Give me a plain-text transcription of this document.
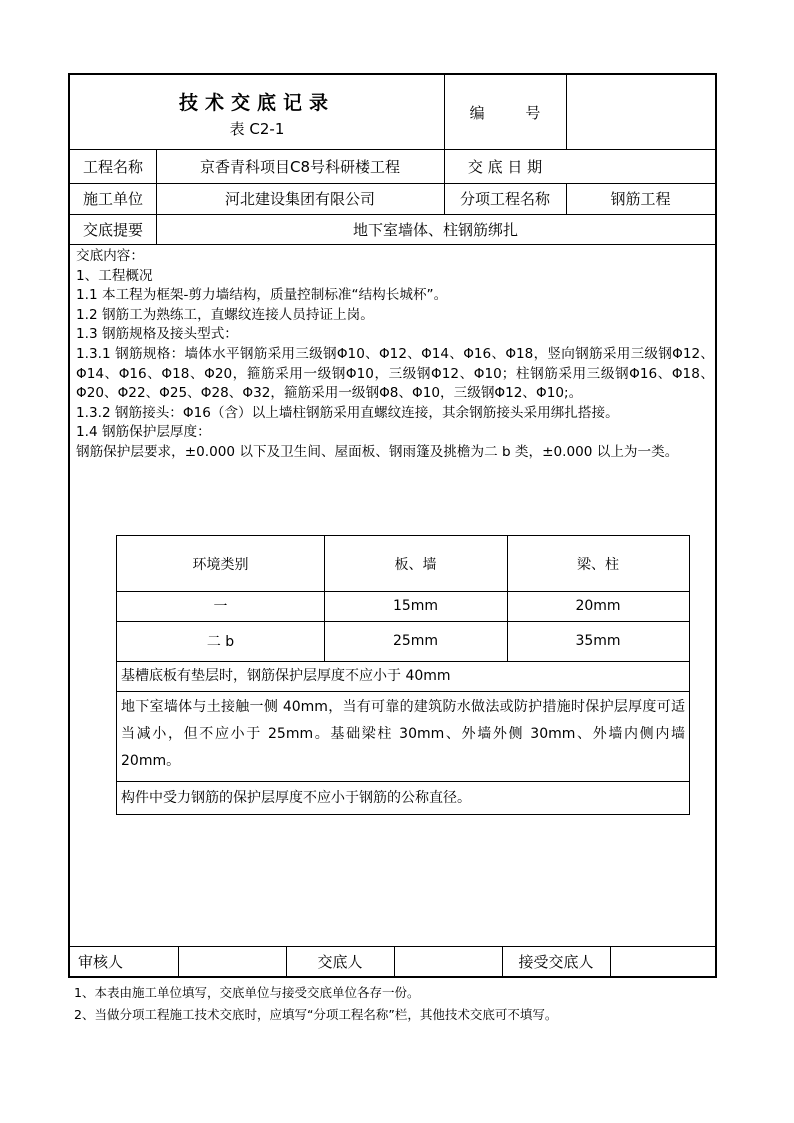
技术交底记录
表 C2-1
编 号
工程名称	京香青科项目C8号科研楼工程	交 底 日 期
施工单位	河北建设集团有限公司	分项工程名称	钢筋工程
交底提要	地下室墙体、柱钢筋绑扎

交底内容：

1、工程概况

1.1 本工程为框架-剪力墙结构，质量控制标准“结构长城杯”。

1.2 钢筋工为熟练工，直螺纹连接人员持证上岗。

1.3 钢筋规格及接头型式：

1.3.1 钢筋规格：墙体水平钢筋采用三级钢Φ10、Φ12、Φ14、Φ16、Φ18，竖向钢筋采用三级钢Φ12、Φ14、Φ16、Φ18、Φ20，箍筋采用一级钢Φ10，三级钢Φ12、Φ10；柱钢筋采用三级钢Φ16、Φ18、Φ20、Φ22、Φ25、Φ28、Φ32，箍筋采用一级钢Φ8、Φ10，三级钢Φ12、Φ10;。

1.3.2 钢筋接头：Φ16（含）以上墙柱钢筋采用直螺纹连接，其余钢筋接头采用绑扎搭接。

1.4 钢筋保护层厚度：

钢筋保护层要求，±0.000 以下及卫生间、屋面板、钢雨篷及挑檐为二 b 类，±0.000 以上为一类。

环境类别	板、墙	梁、柱
一	15mm	20mm
二 b	25mm	35mm
基槽底板有垫层时，钢筋保护层厚度不应小于 40mm
地下室墙体与土接触一侧 40mm，当有可靠的建筑防水做法或防护措施时保护层厚度可适当减小，但不应小于 25mm。基础梁柱 30mm、外墙外侧 30mm、外墙内侧内墙 20mm。
构件中受力钢筋的保护层厚度不应小于钢筋的公称直径。
审核人	交底人	接受交底人

1、本表由施工单位填写，交底单位与接受交底单位各存一份。

2、当做分项工程施工技术交底时，应填写“分项工程名称”栏，其他技术交底可不填写。
